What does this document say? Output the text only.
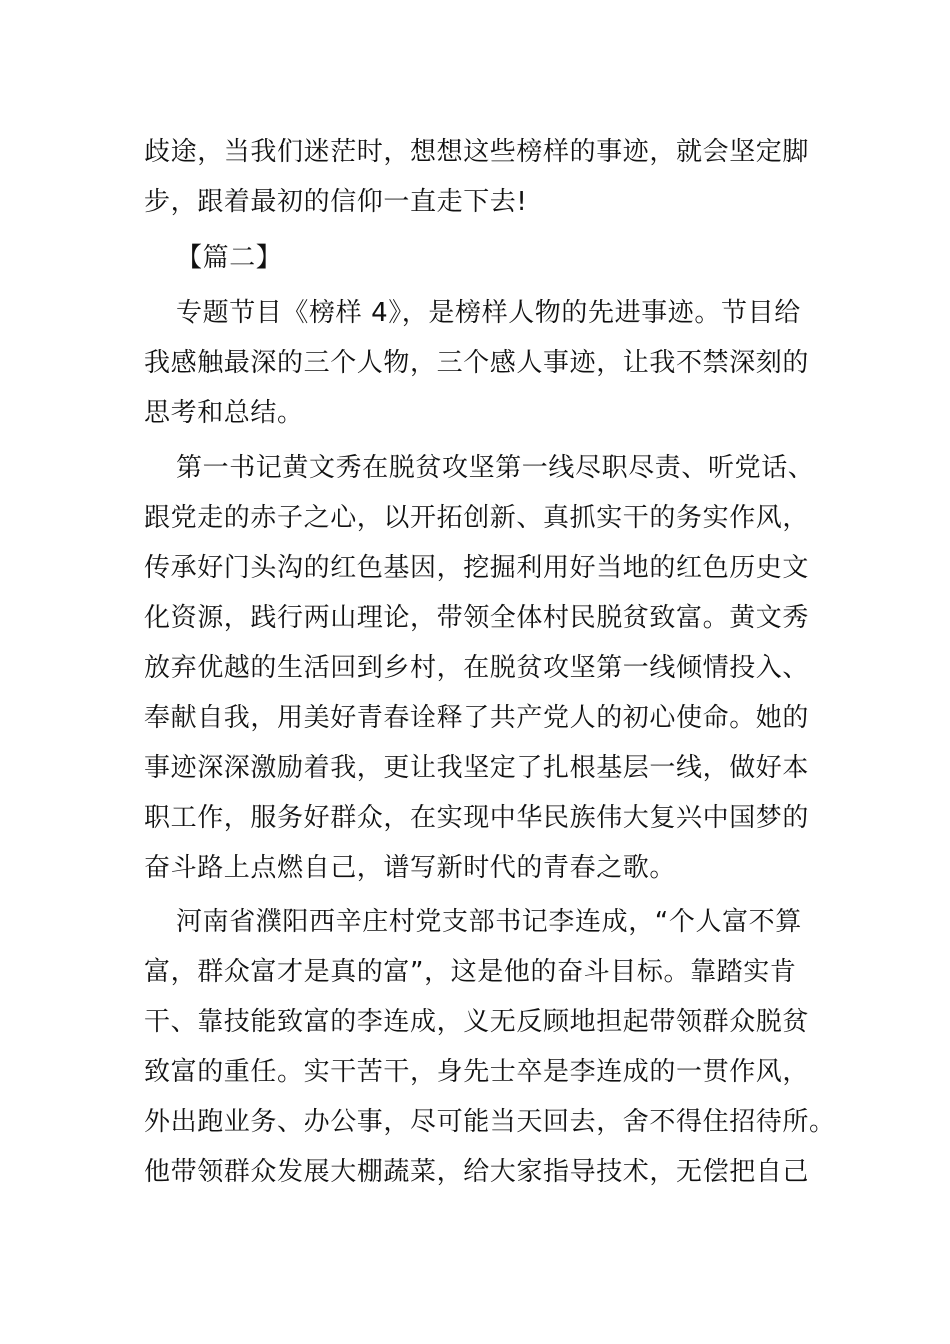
歧途，当我们迷茫时，想想这些榜样的事迹，就会坚定脚
步，跟着最初的信仰一直走下去!
【篇二】
专题节目《榜样 4》，是榜样人物的先进事迹。节目给
我感触最深的三个人物，三个感人事迹，让我不禁深刻的
思考和总结。
第一书记黄文秀在脱贫攻坚第一线尽职尽责、听党话、
跟党走的赤子之心，以开拓创新、真抓实干的务实作风，
传承好门头沟的红色基因，挖掘利用好当地的红色历史文
化资源，践行两山理论，带领全体村民脱贫致富。黄文秀
放弃优越的生活回到乡村，在脱贫攻坚第一线倾情投入、
奉献自我，用美好青春诠释了共产党人的初心使命。她的
事迹深深激励着我，更让我坚定了扎根基层一线，做好本
职工作，服务好群众，在实现中华民族伟大复兴中国梦的
奋斗路上点燃自己，谱写新时代的青春之歌。
河南省濮阳西辛庄村党支部书记李连成，“个人富不算
富，群众富才是真的富”，这是他的奋斗目标。靠踏实肯
干、靠技能致富的李连成，义无反顾地担起带领群众脱贫
致富的重任。实干苦干，身先士卒是李连成的一贯作风，
外出跑业务、办公事，尽可能当天回去，舍不得住招待所。
他带领群众发展大棚蔬菜，给大家指导技术，无偿把自己
